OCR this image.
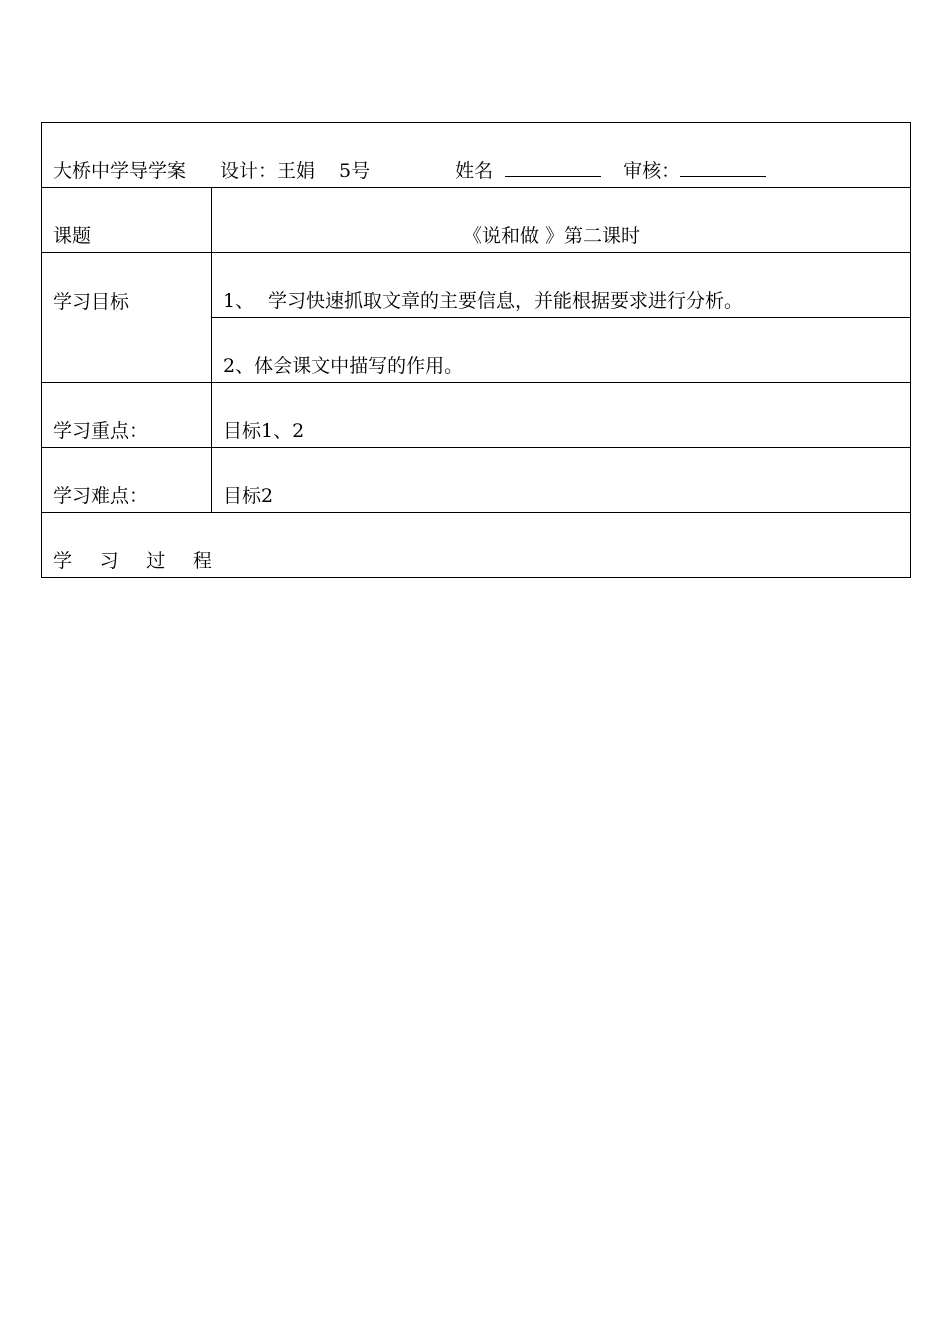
大桥中学导学案 设计：王娟 5号 姓名 审核：	
课题	《说和做 》第二课时
学习目标	1、 学习快速抓取文章的主要信息，并能根据要求进行分析。
	2、体会课文中描写的作用。
学习重点：	目标1、2
学习难点：	目标2
学 习 过 程	
